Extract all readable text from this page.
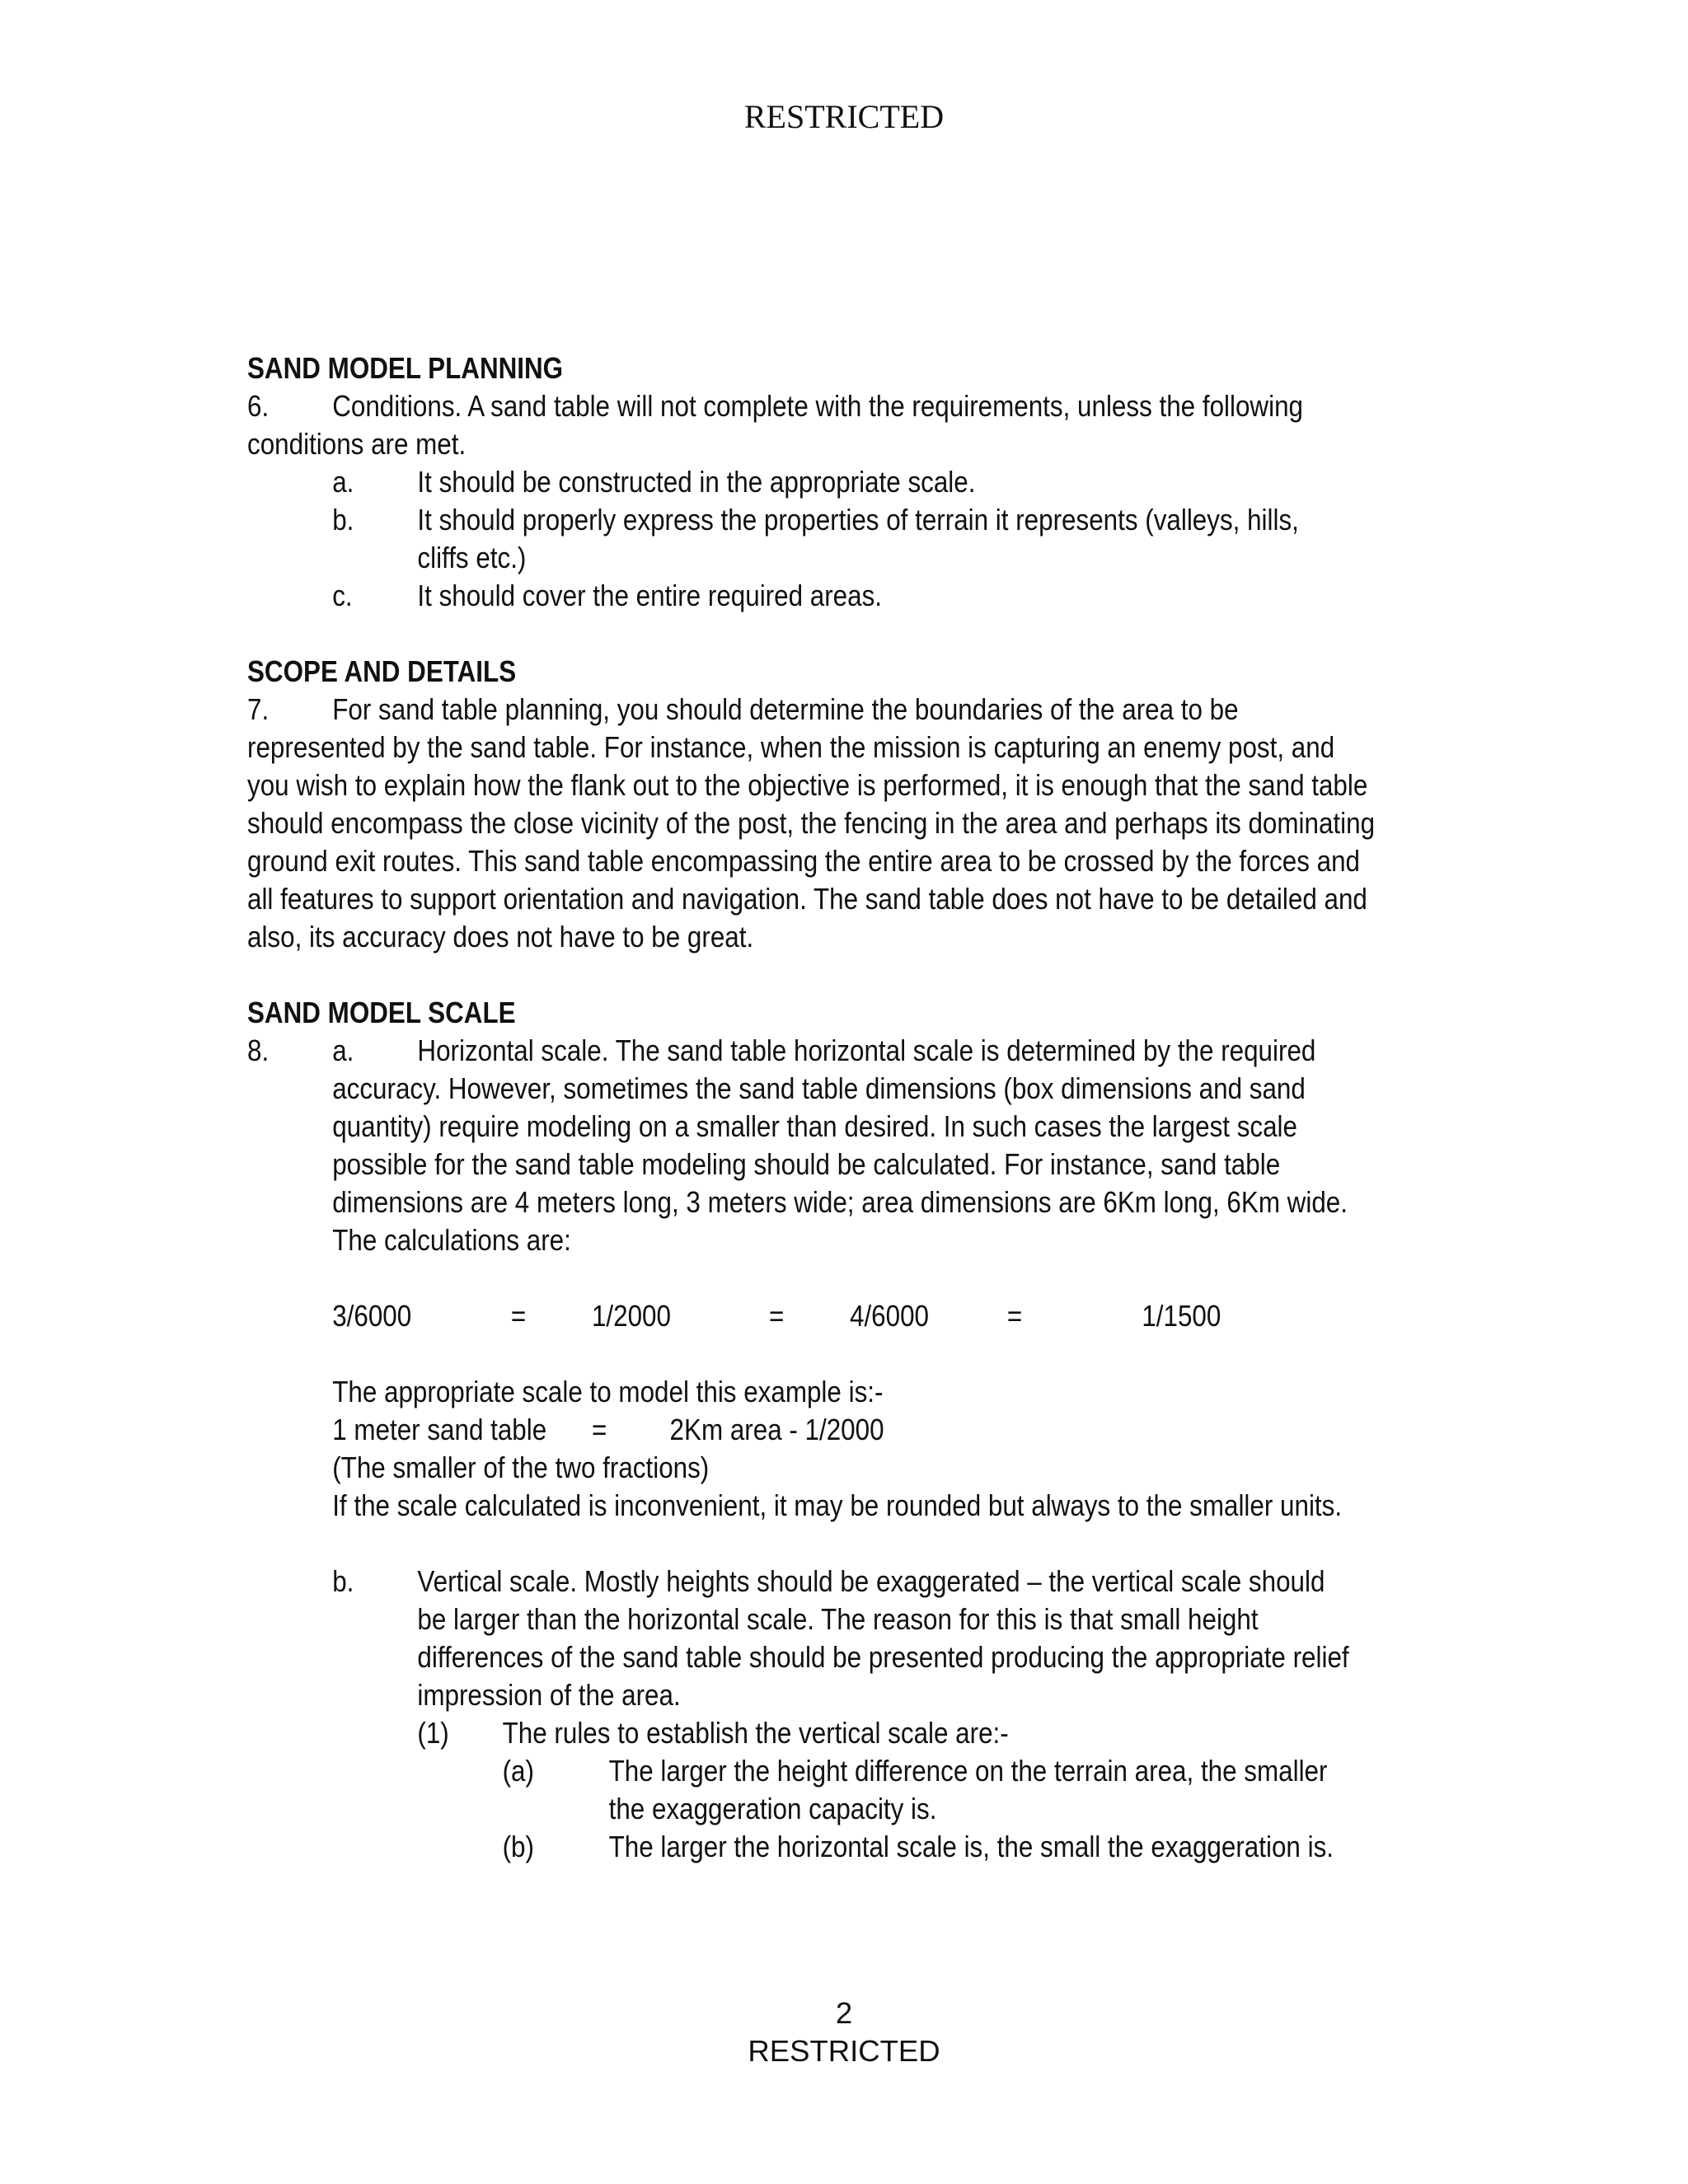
RESTRICTED
SAND MODEL PLANNING
6.	Conditions. A sand table will not complete with the requirements, unless the following
conditions are met.
a.	It should be constructed in the appropriate scale.
b.	It should properly express the properties of terrain it represents (valleys, hills,
cliffs etc.)
c.	It should cover the entire required areas.
SCOPE AND DETAILS
7.	For sand table planning, you should determine the boundaries of the area to be
represented by the sand table. For instance, when the mission is capturing an enemy post, and
you wish to explain how the flank out to the objective is performed, it is enough that the sand table
should encompass the close vicinity of the post, the fencing in the area and perhaps its dominating
ground exit routes. This sand table encompassing the entire area to be crossed by the forces and
all features to support orientation and navigation. The sand table does not have to be detailed and
also, its accuracy does not have to be great.
SAND MODEL SCALE
8.	a.	Horizontal scale. The sand table horizontal scale is determined by the required
accuracy. However, sometimes the sand table dimensions (box dimensions and sand
quantity) require modeling on a smaller than desired. In such cases the largest scale
possible for the sand table modeling should be calculated. For instance, sand table
dimensions are 4 meters long, 3 meters wide; area dimensions are 6Km long, 6Km wide.
The calculations are:
3/6000	=	1/2000	=	4/6000	=	1/1500
The appropriate scale to model this example is:-
1 meter sand table	=	2Km area - 1/2000
(The smaller of the two fractions)
If the scale calculated is inconvenient, it may be rounded but always to the smaller units.
b.	Vertical scale. Mostly heights should be exaggerated – the vertical scale should
be larger than the horizontal scale. The reason for this is that small height
differences of the sand table should be presented producing the appropriate relief
impression of the area.
(1)	The rules to establish the vertical scale are:-
(a)	The larger the height difference on the terrain area, the smaller
the exaggeration capacity is.
(b)	The larger the horizontal scale is, the small the exaggeration is.
2
RESTRICTED
